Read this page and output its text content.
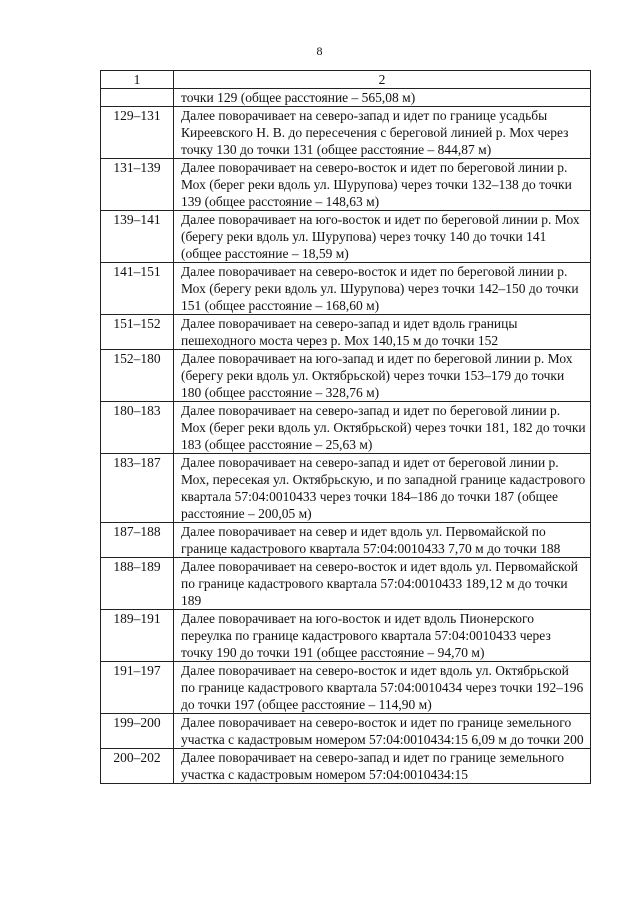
8
1	2
	точки 129 (общее расстояние – 565,08 м)
129–131	Далее поворачивает на северо-запад и идет по границе усадьбы Киреевского Н. В. до пересечения с береговой линией р. Мох через точку 130 до точки 131 (общее расстояние – 844,87 м)
131–139	Далее поворачивает на северо-восток и идет по береговой линии р. Мох (берег реки вдоль ул. Шурупова) через точки 132–138 до точки 139 (общее расстояние – 148,63 м)
139–141	Далее поворачивает на юго-восток и идет по береговой линии р. Мох (берегу реки вдоль ул. Шурупова) через точку 140 до точки 141 (общее расстояние – 18,59 м)
141–151	Далее поворачивает на северо-восток и идет по береговой линии р. Мох (берегу реки вдоль ул. Шурупова) через точки 142–150 до точки 151 (общее расстояние – 168,60 м)
151–152	Далее поворачивает на северо-запад и идет вдоль границы пешеходного моста через р. Мох 140,15 м до точки 152
152–180	Далее поворачивает на юго-запад и идет по береговой линии р. Мох (берегу реки вдоль ул. Октябрьской) через точки 153–179 до точки 180 (общее расстояние – 328,76 м)
180–183	Далее поворачивает на северо-запад и идет по береговой линии р. Мох (берег реки вдоль ул. Октябрьской) через точки 181, 182 до точки 183 (общее расстояние – 25,63 м)
183–187	Далее поворачивает на северо-запад и идет от береговой линии р. Мох, пересекая ул. Октябрьскую, и по западной границе кадастрового квартала 57:04:0010433 через точки 184–186 до точки 187 (общее расстояние – 200,05 м)
187–188	Далее поворачивает на север и идет вдоль ул. Первомайской по границе кадастрового квартала 57:04:0010433 7,70 м до точки 188
188–189	Далее поворачивает на северо-восток и идет вдоль ул. Первомайской по границе кадастрового квартала 57:04:0010433 189,12 м до точки 189
189–191	Далее поворачивает на юго-восток и идет вдоль Пионерского переулка по границе кадастрового квартала 57:04:0010433 через точку 190 до точки 191 (общее расстояние – 94,70 м)
191–197	Далее поворачивает на северо-восток и идет вдоль ул. Октябрьской по границе кадастрового квартала 57:04:0010434 через точки 192–196 до точки 197 (общее расстояние – 114,90 м)
199–200	Далее поворачивает на северо-восток и идет по границе земельного участка с кадастровым номером 57:04:0010434:15 6,09 м до точки 200
200–202	Далее поворачивает на северо-запад и идет по границе земельного участка с кадастровым номером 57:04:0010434:15
